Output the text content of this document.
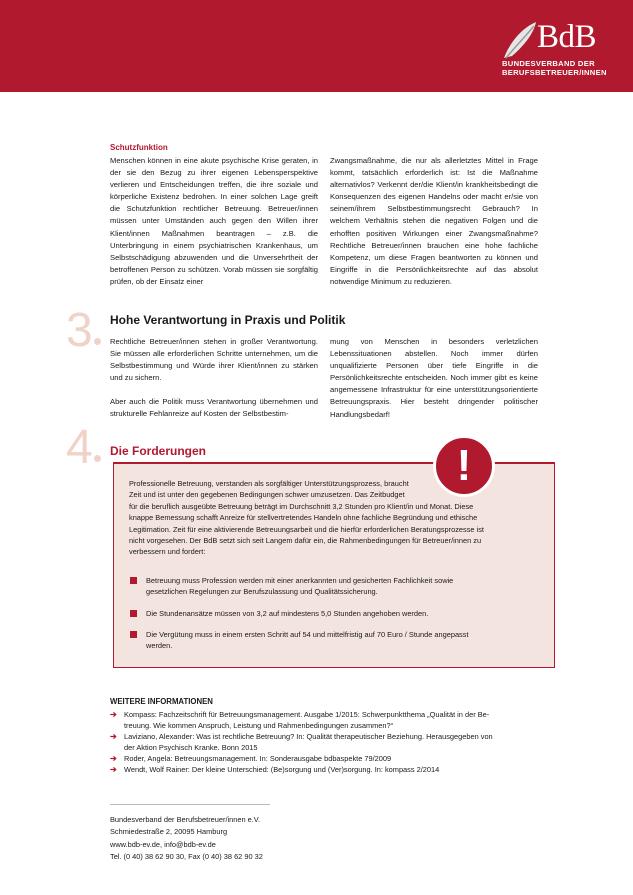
BdB
BUNDESVERBAND DER
BERUFSBETREUER/INNEN
Schutzfunktion
Menschen können in eine akute psychische Krise geraten, in der sie den Bezug zu ihrer eigenen Lebensperspektive verlieren und Entscheidungen treffen, die ihre soziale und körperliche Existenz bedrohen. In einer solchen Lage greift die Schutzfunktion rechtlicher Betreuung. Betreuer/innen müssen unter Umständen auch gegen den Willen ihrer Klient/innen Maßnahmen beantragen – z.B. die Unterbringung in einem psychiatrischen Krankenhaus, um Selbstschädigung abzuwenden und die Unversehrtheit der betroffenen Person zu schützen. Vorab müssen sie sorgfältig prüfen, ob der Einsatz einer
Zwangsmaßnahme, die nur als allerletztes Mittel in Frage kommt, tatsächlich erforderlich ist: Ist die Maßnahme alternativlos? Verkennt der/die Klient/in krankheitsbedingt die Konsequenzen des eigenen Handelns oder macht er/sie von seinem/ihrem Selbstbestimmungsrecht Gebrauch? In welchem Verhältnis stehen die negativen Folgen und die erhofften positiven Wirkungen einer Zwangsmaßnahme? Rechtliche Betreuer/innen brauchen eine hohe fachliche Kompetenz, um diese Fragen beantworten zu können und Eingriffe in die Persönlichkeitsrechte auf das absolut notwendige Minimum zu reduzieren.
3 Hohe Verantwortung in Praxis und Politik
Rechtliche Betreuer/innen stehen in großer Verantwortung. Sie müssen alle erforderlichen Schritte unternehmen, um die Selbstbestimmung und Würde ihrer Klient/innen zu stärken und zu sichern.
Aber auch die Politik muss Verantwortung übernehmen und strukturelle Fehlanreize auf Kosten der Selbstbestim-
mung von Menschen in besonders verletzlichen Lebenssituationen abstellen. Noch immer dürfen unqualifizierte Personen über tiefe Eingriffe in die Persönlichkeitsrechte entscheiden. Noch immer gibt es keine angemessene Infrastruktur für eine unterstützungsorientierte Betreuungspraxis. Hier besteht dringender politischer Handlungsbedarf!
4 Die Forderungen	!
Professionelle Betreuung, verstanden als sorgfältiger Unterstützungsprozess, braucht
Zeit und ist unter den gegebenen Bedingungen schwer umzusetzen. Das Zeitbudget
für die beruflich ausgeübte Betreuung beträgt im Durchschnitt 3,2 Stunden pro Klient/in und Monat. Diese
knappe Bemessung schafft Anreize für stellvertretendes Handeln ohne fachliche Begründung und ethische
Legitimation. Zeit für eine aktivierende Betreuungsarbeit und die hierfür erforderlichen Beratungsprozesse ist
nicht vorgesehen. Der BdB setzt sich seit Langem dafür ein, die Rahmenbedingungen für Betreuer/innen zu
verbessern und fordert:
Betreuung muss Profession werden mit einer anerkannten und gesicherten Fachlichkeit sowie
gesetzlichen Regelungen zur Berufszulassung und Qualitätssicherung.
Die Stundenansätze müssen von 3,2 auf mindestens 5,0 Stunden angehoben werden.
Die Vergütung muss in einem ersten Schritt auf 54 und mittelfristig auf 70 Euro / Stunde angepasst
werden.
WEITERE INFORMATIONEN
➔ Kompass: Fachzeitschrift für Betreuungsmanagement. Ausgabe 1/2015: Schwerpunktthema „Qualität in der Be-
treuung. Wie kommen Anspruch, Leistung und Rahmenbedingungen zusammen?“
➔ Laviziano, Alexander: Was ist rechtliche Betreuung? In: Qualität therapeutischer Beziehung. Herausgegeben von
der Aktion Psychisch Kranke. Bonn 2015
➔ Roder, Angela: Betreuungsmanagement. In: Sonderausgabe bdbaspekte 79/2009
➔ Wendt, Wolf Rainer: Der kleine Unterschied: (Be)sorgung und (Ver)sorgung. In: kompass 2/2014
Bundesverband der Berufsbetreuer/innen e.V.
Schmiedestraße 2, 20095 Hamburg
www.bdb-ev.de, info@bdb-ev.de
Tel. (0 40) 38 62 90 30, Fax (0 40) 38 62 90 32
